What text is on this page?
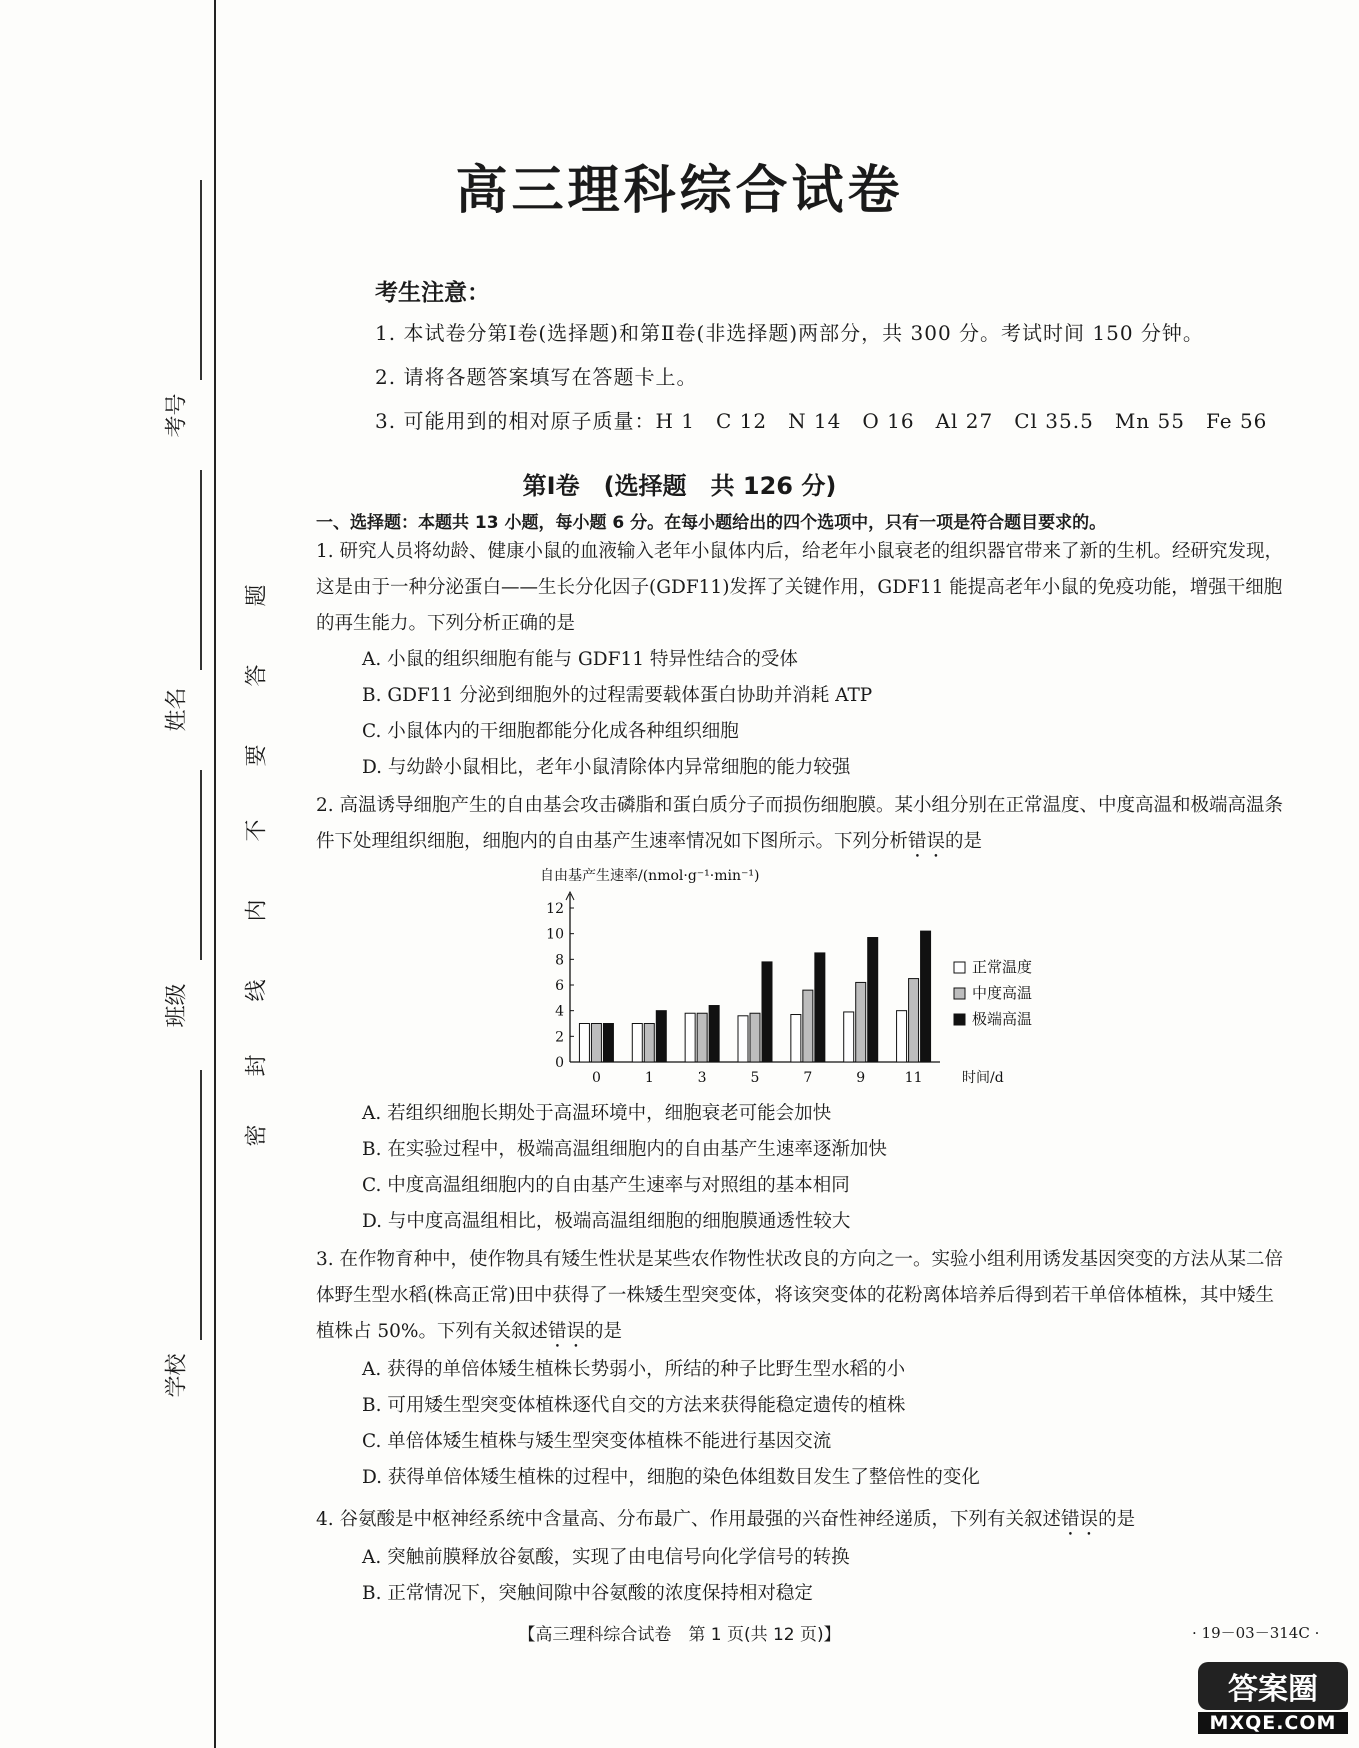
考号
姓名
班级
学校
密
封
线
内
不
要
答
题
高三理科综合试卷
考生注意：
1. 本试卷分第Ⅰ卷(选择题)和第Ⅱ卷(非选择题)两部分，共 300 分。考试时间 150 分钟。
2. 请将各题答案填写在答题卡上。
3. 可能用到的相对原子质量：H 1　C 12　N 14　O 16　Al 27　Cl 35.5　Mn 55　Fe 56
第Ⅰ卷　(选择题　共 126 分)
一、选择题：本题共 13 小题，每小题 6 分。在每小题给出的四个选项中，只有一项是符合题目要求的。
1. 研究人员将幼龄、健康小鼠的血液输入老年小鼠体内后，给老年小鼠衰老的组织器官带来了新的生机。经研究发现，这是由于一种分泌蛋白——生长分化因子(GDF11)发挥了关键作用，GDF11 能提高老年小鼠的免疫功能，增强干细胞的再生能力。下列分析正确的是
A. 小鼠的组织细胞有能与 GDF11 特异性结合的受体
B. GDF11 分泌到细胞外的过程需要载体蛋白协助并消耗 ATP
C. 小鼠体内的干细胞都能分化成各种组织细胞
D. 与幼龄小鼠相比，老年小鼠清除体内异常细胞的能力较强
2. 高温诱导细胞产生的自由基会攻击磷脂和蛋白质分子而损伤细胞膜。某小组分别在正常温度、中度高温和极端高温条件下处理组织细胞，细胞内的自由基产生速率情况如下图所示。下列分析错误的是
自由基产生速率/(nmol·g⁻¹·min⁻¹)
0
2
4
6
8
10
12
0	1	3	5	7	9	11	时间/d
正常温度
中度高温
极端高温
A. 若组织细胞长期处于高温环境中，细胞衰老可能会加快
B. 在实验过程中，极端高温组细胞内的自由基产生速率逐渐加快
C. 中度高温组细胞内的自由基产生速率与对照组的基本相同
D. 与中度高温组相比，极端高温组细胞的细胞膜通透性较大
3. 在作物育种中，使作物具有矮生性状是某些农作物性状改良的方向之一。实验小组利用诱发基因突变的方法从某二倍体野生型水稻(株高正常)田中获得了一株矮生型突变体，将该突变体的花粉离体培养后得到若干单倍体植株，其中矮生植株占 50%。下列有关叙述错误的是
A. 获得的单倍体矮生植株长势弱小，所结的种子比野生型水稻的小
B. 可用矮生型突变体植株逐代自交的方法来获得能稳定遗传的植株
C. 单倍体矮生植株与矮生型突变体植株不能进行基因交流
D. 获得单倍体矮生植株的过程中，细胞的染色体组数目发生了整倍性的变化
4. 谷氨酸是中枢神经系统中含量高、分布最广、作用最强的兴奋性神经递质，下列有关叙述错误的是
A. 突触前膜释放谷氨酸，实现了由电信号向化学信号的转换
B. 正常情况下，突触间隙中谷氨酸的浓度保持相对稳定
【高三理科综合试卷　第 1 页(共 12 页)】	· 19－03－314C ·
答案圈
MXQE.COM
